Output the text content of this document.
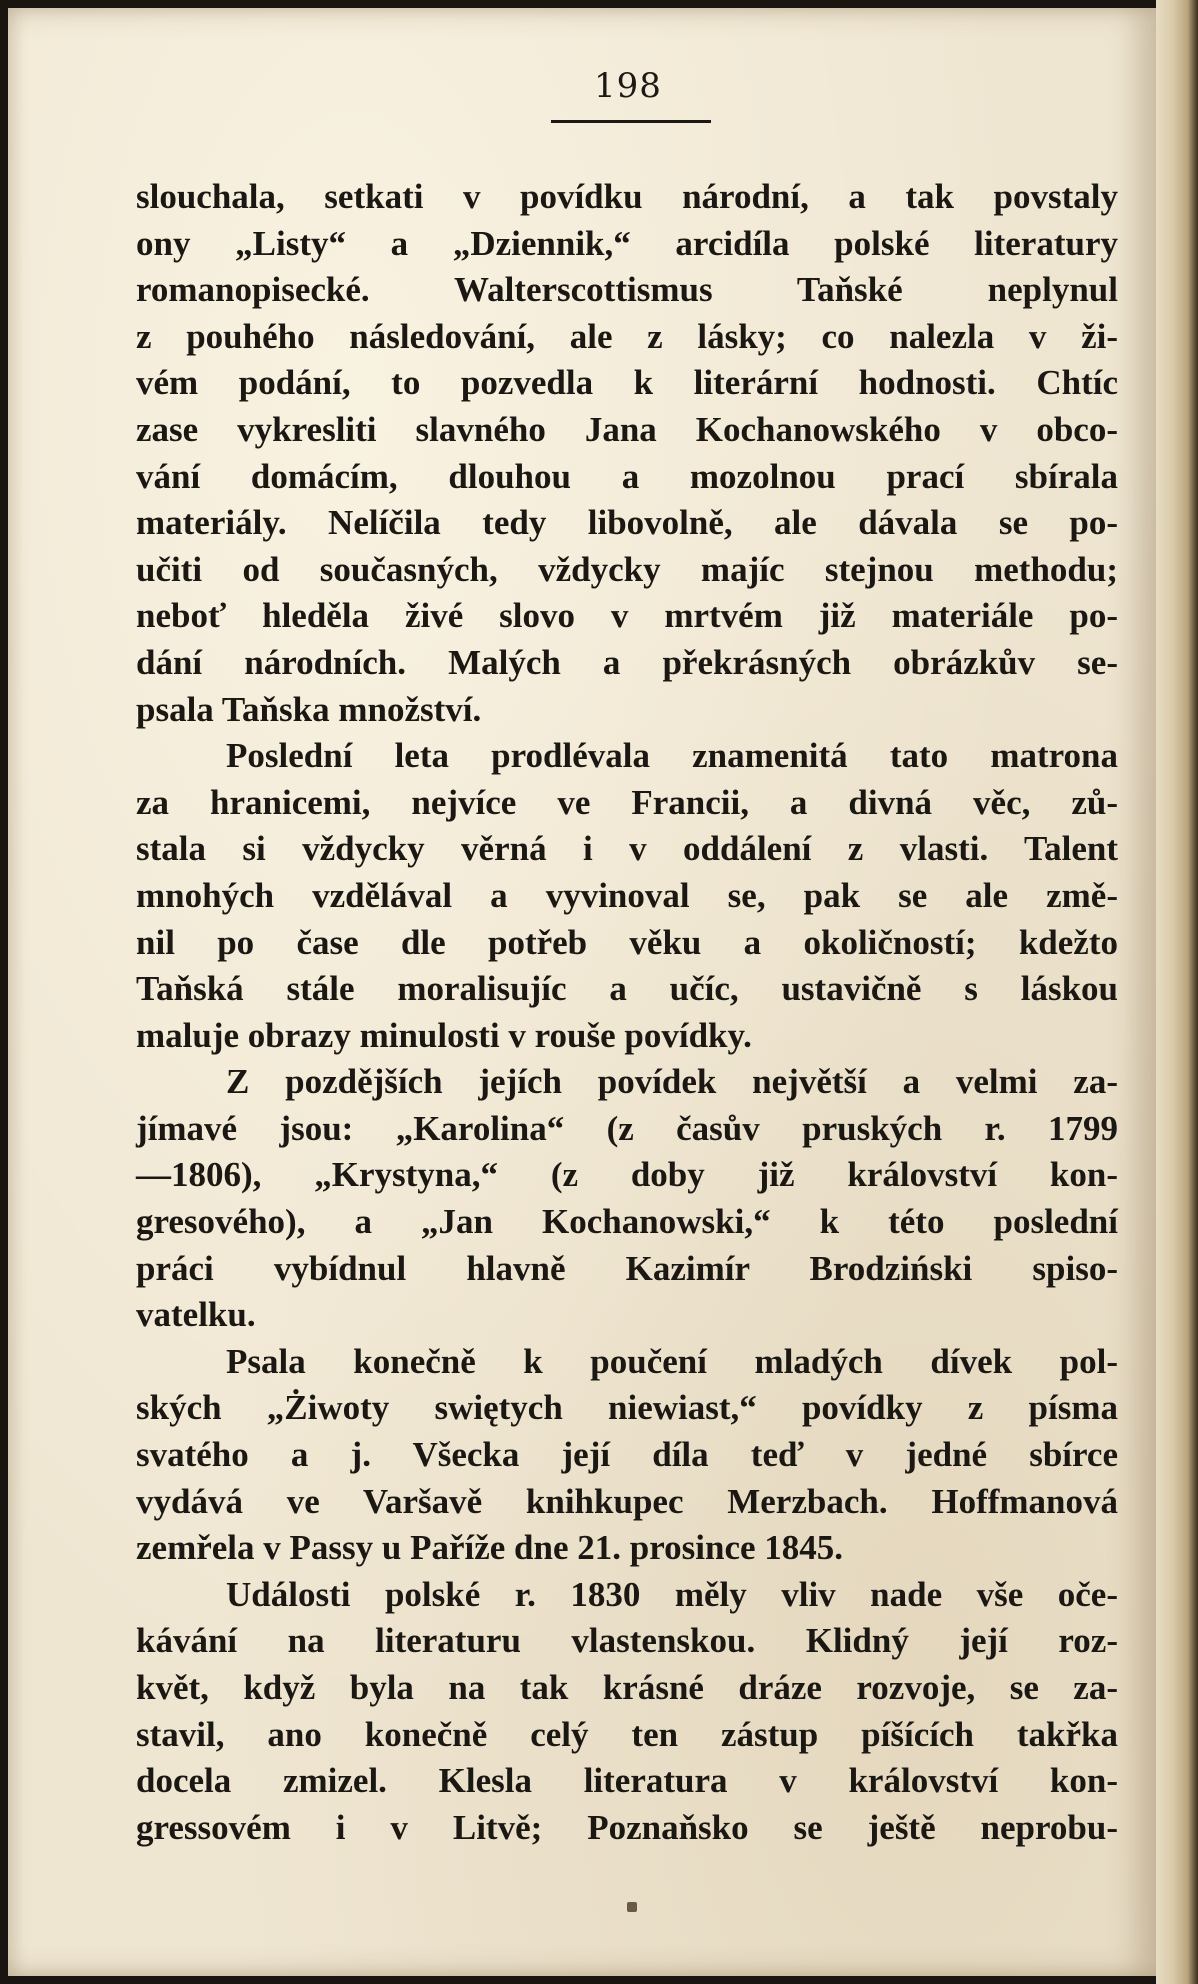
198
slouchala, setkati v povídku národní, a tak povstaly
ony „Listy“ a „Dziennik,“ arcidíla polské literatury
romanopisecké. Walterscottismus Taňské neplynul
z pouhého následování, ale z lásky; co nalezla v ži-
vém podání, to pozvedla k literární hodnosti. Chtíc
zase vykresliti slavného Jana Kochanowského v obco-
vání domácím, dlouhou a mozolnou prací sbírala
materiály. Nelíčila tedy libovolně, ale dávala se po-
učiti od současných, vždycky majíc stejnou methodu;
neboť hleděla živé slovo v mrtvém již materiále po-
dání národních. Malých a překrásných obrázkův se-
psala Taňska množství.
Poslední leta prodlévala znamenitá tato matrona
za hranicemi, nejvíce ve Francii, a divná věc, zů-
stala si vždycky věrná i v oddálení z vlasti. Talent
mnohých vzdělával a vyvinoval se, pak se ale změ-
nil po čase dle potřeb věku a okoličností; kdežto
Taňská stále moralisujíc a učíc, ustavičně s láskou
maluje obrazy minulosti v rouše povídky.
Z pozdějších jejích povídek největší a velmi za-
jímavé jsou: „Karolina“ (z časův pruských r. 1799
—1806), „Krystyna,“ (z doby již království kon-
gresového), a „Jan Kochanowski,“ k této poslední
práci vybídnul hlavně Kazimír Brodziński spiso-
vatelku.
Psala konečně k poučení mladých dívek pol-
ských „Żiwoty swiętych niewiast,“ povídky z písma
svatého a j. Všecka její díla teď v jedné sbírce
vydává ve Varšavě knihkupec Merzbach. Hoffmanová
zemřela v Passy u Paříže dne 21. prosince 1845.
Události polské r. 1830 měly vliv nade vše oče-
kávání na literaturu vlastenskou. Klidný její roz-
květ, když byla na tak krásné dráze rozvoje, se za-
stavil, ano konečně celý ten zástup píšících takřka
docela zmizel. Klesla literatura v království kon-
gressovém i v Litvě; Poznaňsko se ještě neprobu-
